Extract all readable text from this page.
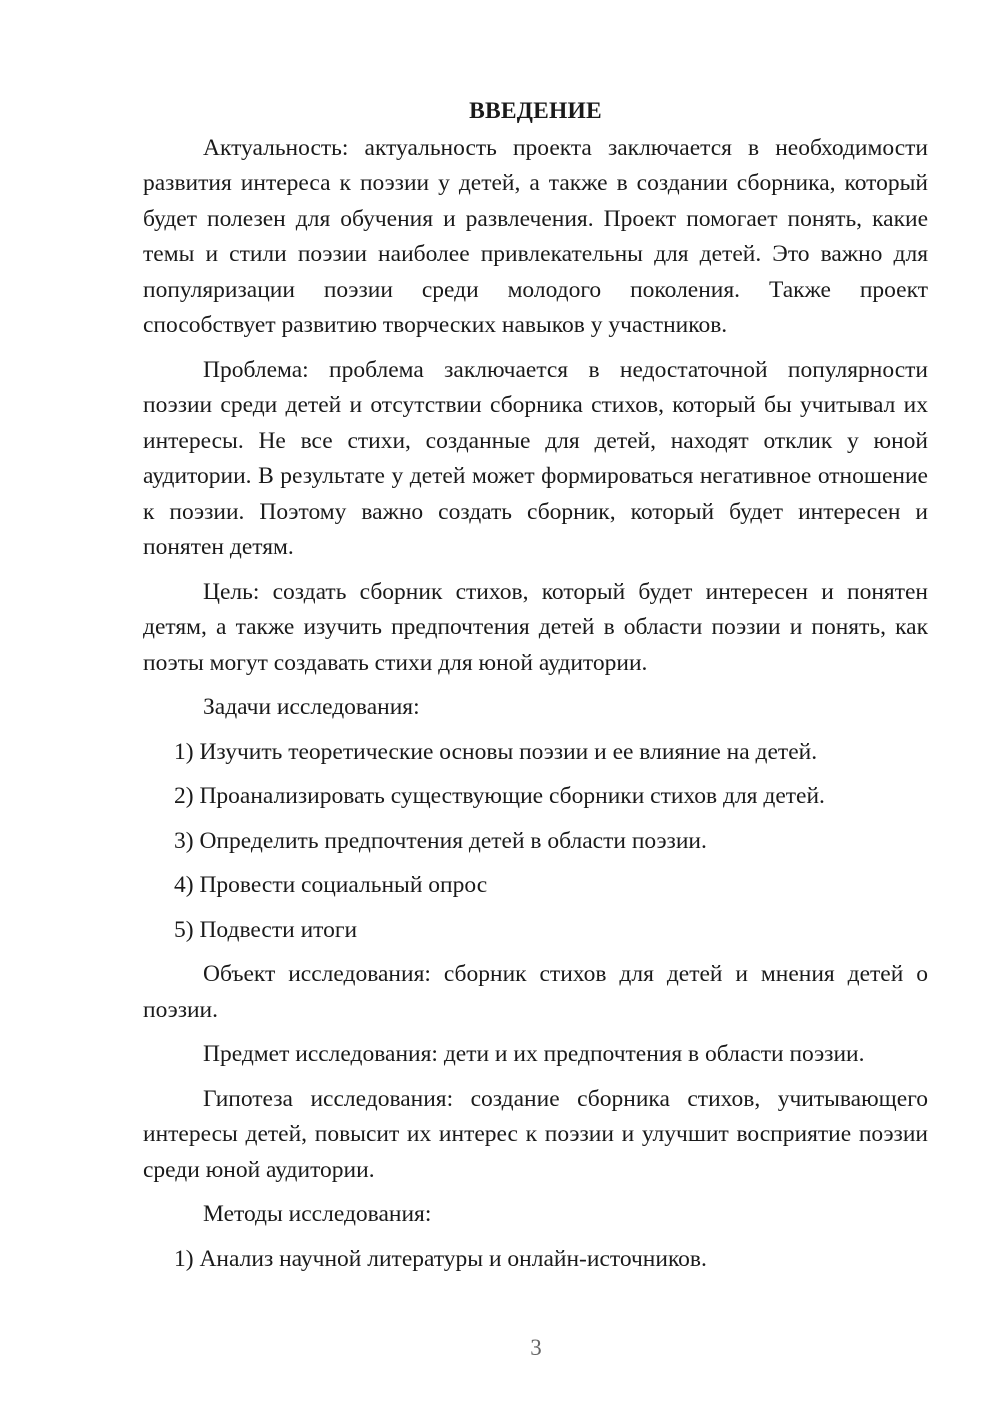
ВВЕДЕНИЕ

Актуальность: актуальность проекта заключается в необходимости развития интереса к поэзии у детей, а также в создании сборника, который будет полезен для обучения и развлечения. Проект помогает понять, какие темы и стили поэзии наиболее привлекательны для детей. Это важно для популяризации поэзии среди молодого поколения. Также проект способствует развитию творческих навыков у участников.

Проблема: проблема заключается в недостаточной популярности поэзии среди детей и отсутствии сборника стихов, который бы учитывал их интересы. Не все стихи, созданные для детей, находят отклик у юной аудитории. В результате у детей может формироваться негативное отношение к поэзии. Поэтому важно создать сборник, который будет интересен и понятен детям.

Цель: создать сборник стихов, который будет интересен и понятен детям, а также изучить предпочтения детей в области поэзии и понять, как поэты могут создавать стихи для юной аудитории.

Задачи исследования:

1) Изучить теоретические основы поэзии и ее влияние на детей.

2) Проанализировать существующие сборники стихов для детей.

3) Определить предпочтения детей в области поэзии.

4) Провести социальный опрос

5) Подвести итоги

Объект исследования: сборник стихов для детей и мнения детей о поэзии.

Предмет исследования: дети и их предпочтения в области поэзии.

Гипотеза исследования: создание сборника стихов, учитывающего интересы детей, повысит их интерес к поэзии и улучшит восприятие поэзии среди юной аудитории.

Методы исследования:

1) Анализ научной литературы и онлайн-источников.

3
